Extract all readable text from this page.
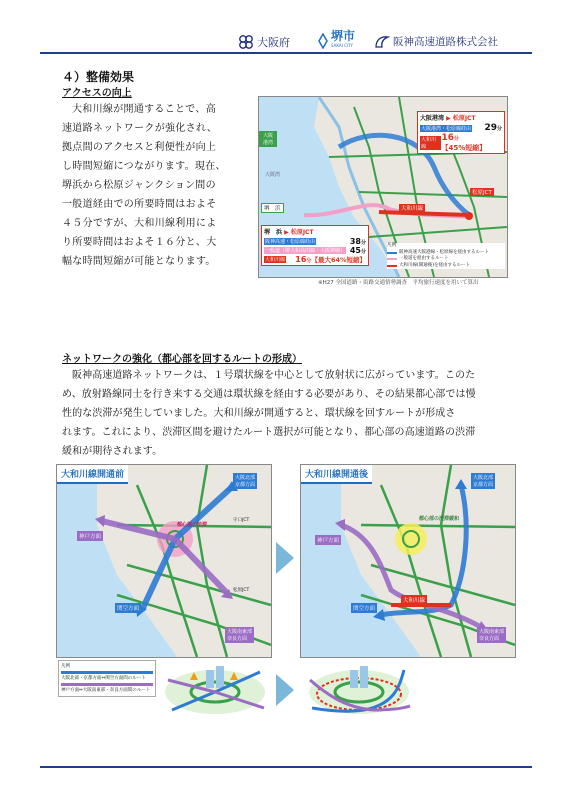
大阪府	堺市
SAKAI CITY	阪神高速道路株式会社
４）整備効果
アクセスの向上
大和川線が開通することで、高
速道路ネットワークが強化され、
拠点間のアクセスと利便性が向上
し時間短縮につながります。現在、
堺浜から松原ジャンクション間の
一般道経由での所要時間はおよそ
４５分ですが、大和川線利用によ
り所要時間はおよそ１６分と、大
幅な時間短縮が可能となります。
大阪
港湾
堺　浜	大和川線
松原JCT
大阪湾
大阪港湾 ▶ 松原JCT
大阪港湾・松原線経由 29分
大和川線
16分【45%短縮】
堺　浜 ▶ 松原JCT
阪神高速・松原線経由	38分
一般道（堺大和高田線・大阪堺線） 45分
大和川線 16分【最大64%短縮】
凡例
阪神高速大阪港線・松原線を経由するルート
一般道を経由するルート
大和川線(開通後)を経由するルート
※H27 全国道路・街路交通情勢調査　平均旅行速度を用いて算出
ネットワークの強化（都心部を回するルートの形成）
阪神高速道路ネットワークは、１号環状線を中心として放射状に広がっています。このた
め、放射路線同士を行き来する交通は環状線を経由する必要があり、その結果都心部では慢
性的な渋滞が発生していました。大和川線が開通すると、環状線を回すルートが形成さ
れます。これにより、渋滞区間を避けたルート選択が可能となり、都心部の高速道路の渋滞
緩和が期待されます。
大和川線開通前	大阪北部
京都方面
神戸方面
関空方面
大阪南東部
奈良方面
都心部の渋滞
守口JCT
松原JCT
大和川線開通後	大阪北部
京都方面
神戸方面
関空方面
大阪南東部
奈良方面
大和川線
都心部の渋滞緩和
凡例
大阪北部・京都方面⇔関空方面間のルート
神戸方面⇔大阪南東部・奈良方面間のルート
